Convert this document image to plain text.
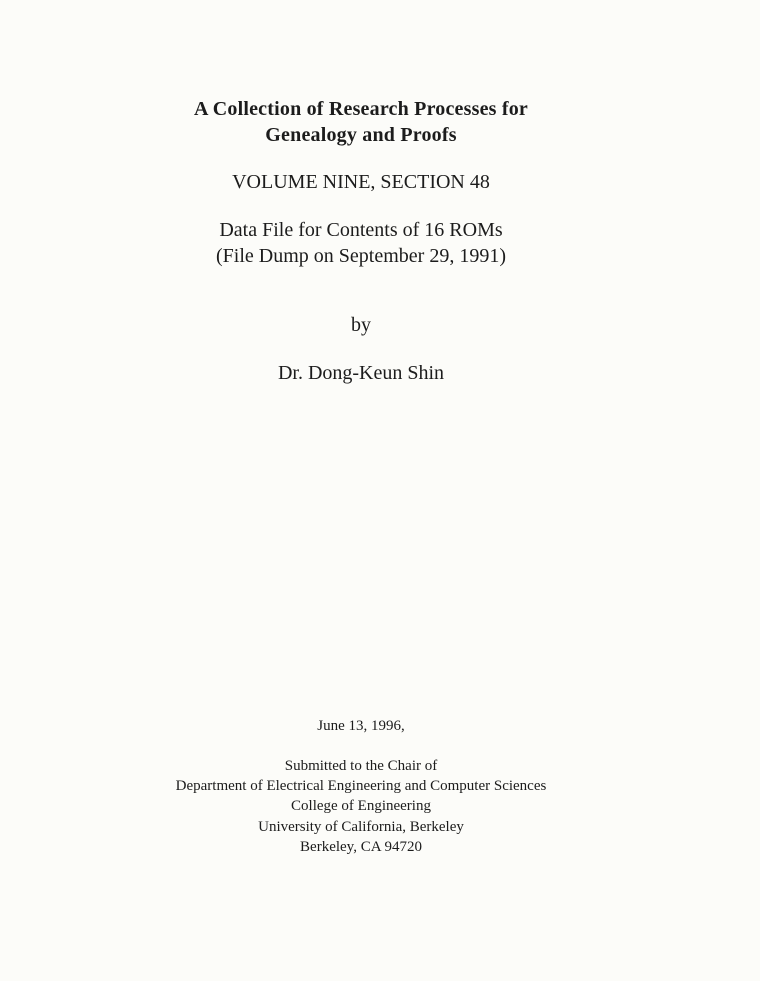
A Collection of Research Processes for
Genealogy and Proofs
VOLUME NINE, SECTION 48
Data File for Contents of 16 ROMs
(File Dump on September 29, 1991)
by
Dr. Dong-Keun Shin
June 13, 1996,
Submitted to the Chair of
Department of Electrical Engineering and Computer Sciences
College of Engineering
University of California, Berkeley
Berkeley, CA 94720
